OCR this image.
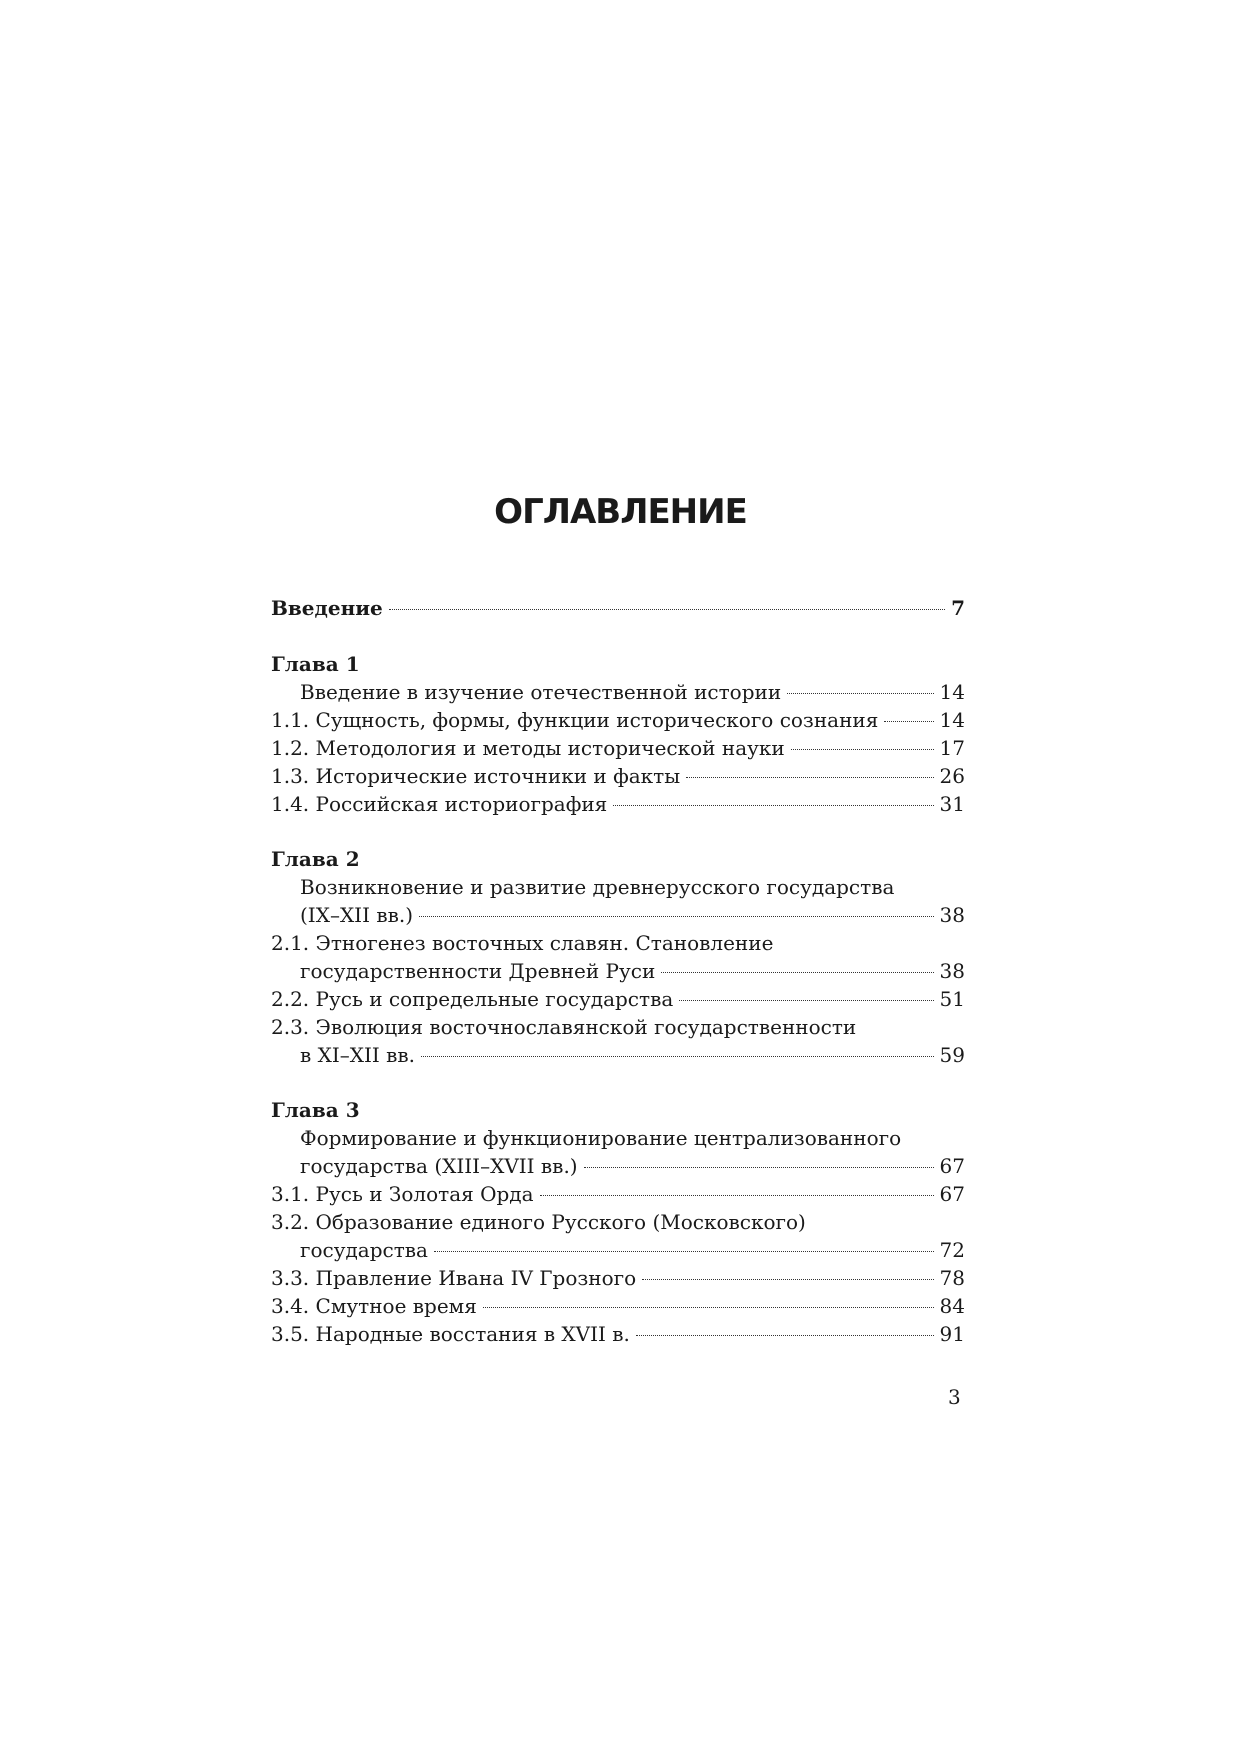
ОГЛАВЛЕНИЕ
Введение	7
Глава 1
Введение в изучение отечественной истории	14
1.1. Сущность, формы, функции исторического сознания	14
1.2. Методология и методы исторической науки	17
1.3. Исторические источники и факты	26
1.4. Российская историография	31
Глава 2
Возникновение и развитие древнерусского государства
(IX–XII вв.)	38
2.1. Этногенез восточных славян. Становление
государственности Древней Руси	38
2.2. Русь и сопредельные государства	51
2.3. Эволюция восточнославянской государственности
в XI–XII вв.	59
Глава 3
Формирование и функционирование централизованного
государства (XIII–XVII вв.)	67
3.1. Русь и Золотая Орда	67
3.2. Образование единого Русского (Московского)
государства	72
3.3. Правление Ивана IV Грозного	78
3.4. Смутное время	84
3.5. Народные восстания в XVII в.	91
3
